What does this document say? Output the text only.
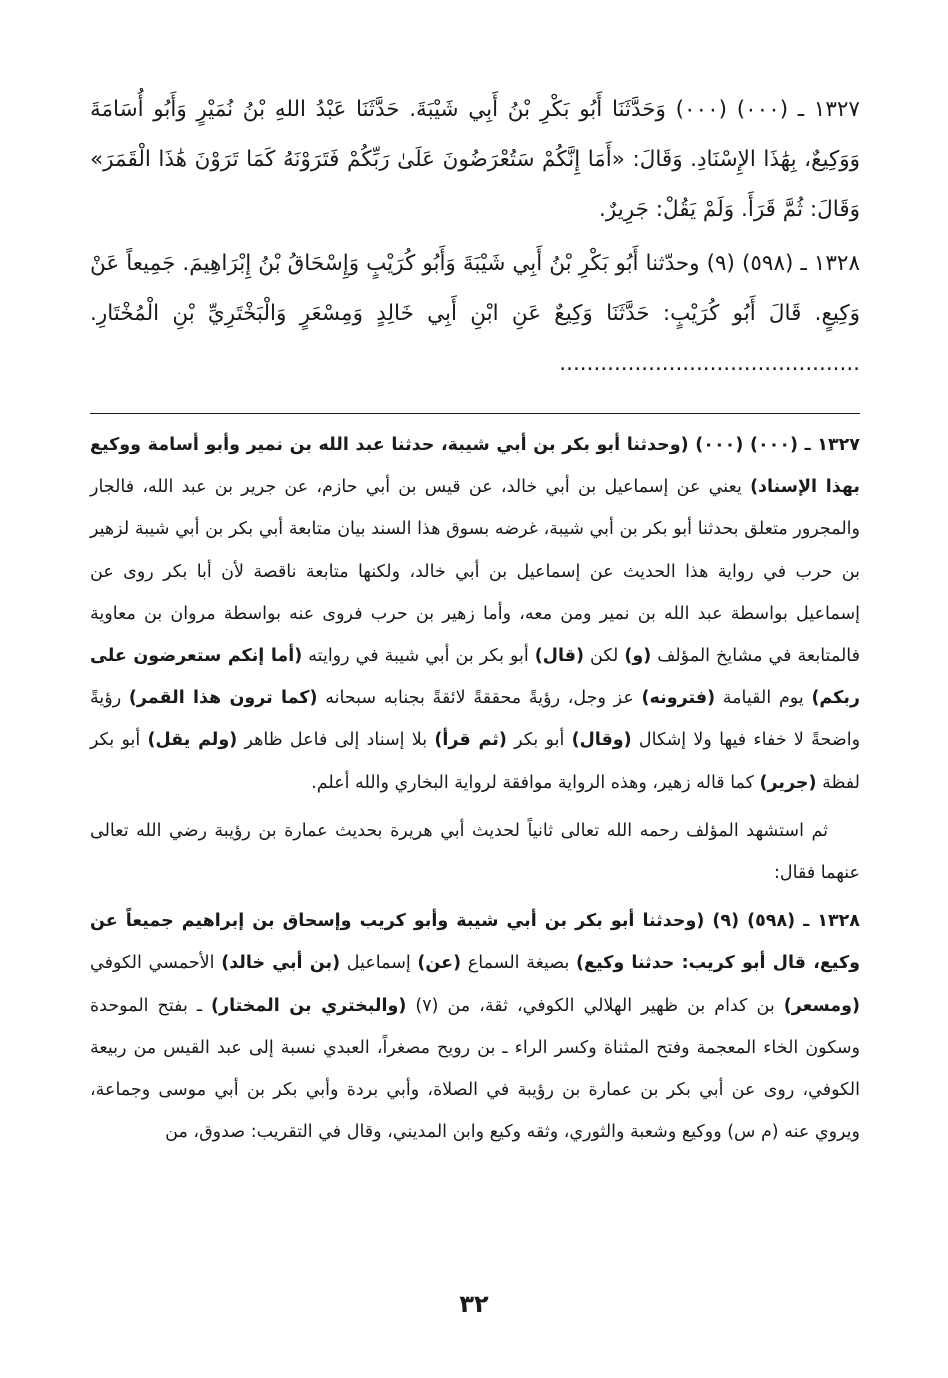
١٣٢٧ ـ (٠٠٠) (٠٠٠) وَحَدَّثَنَا أَبُو بَكْرِ بْنُ أَبِي شَيْبَةَ. حَدَّثَنَا عَبْدُ اللهِ بْنُ نُمَيْرٍ وَأَبُو أُسَامَةَ وَوَكِيعٌ، بِهَٰذَا الإِسْنَادِ. وَقَالَ: «أَمَا إِنَّكُمْ سَتُعْرَضُونَ عَلَىٰ رَبِّكُمْ فَتَرَوْنَهُ كَمَا تَرَوْنَ هَٰذَا الْقَمَرَ» وَقَالَ: ثُمَّ قَرَأَ. وَلَمْ يَقُلْ: جَرِيرٌ.

١٣٢٨ ـ (٥٩٨) (٩) وحدّثنا أَبُو بَكْرِ بْنُ أَبِي شَيْبَةَ وَأَبُو كُرَيْبٍ وَإِسْحَاقُ بْنُ إِبْرَاهِيمَ. جَمِيعاً عَنْ وَكِيعٍ. قَالَ أَبُو كُرَيْبٍ: حَدَّثَنَا وَكِيعٌ عَنِ ابْنِ أَبِي خَالِدٍ وَمِسْعَرٍ وَالْبَخْتَرِيِّ بْنِ الْمُخْتَارِ. ............................................

١٣٢٧ ـ (٠٠٠) (٠٠٠) (وحدثنا أبو بكر بن أبي شيبة، حدثنا عبد الله بن نمير وأبو أسامة ووكيع بهذا الإسناد) يعني عن إسماعيل بن أبي خالد، عن قيس بن أبي حازم، عن جرير بن عبد الله، فالجار والمجرور متعلق بحدثنا أبو بكر بن أبي شيبة، غرضه بسوق هذا السند بيان متابعة أبي بكر بن أبي شيبة لزهير بن حرب في رواية هذا الحديث عن إسماعيل بن أبي خالد، ولكنها متابعة ناقصة لأن أبا بكر روى عن إسماعيل بواسطة عبد الله بن نمير ومن معه، وأما زهير بن حرب فروى عنه بواسطة مروان بن معاوية فالمتابعة في مشايخ المؤلف (و) لكن (قال) أبو بكر بن أبي شيبة في روايته (أما إنكم ستعرضون على ربكم) يوم القيامة (فترونه) عز وجل، رؤيةً محققةً لائقةً بجنابه سبحانه (كما ترون هذا القمر) رؤيةً واضحةً لا خفاء فيها ولا إشكال (وقال) أبو بكر (ثم قرأ) بلا إسناد إلى فاعل ظاهر (ولم يقل) أبو بكر لفظة (جرير) كما قاله زهير، وهذه الرواية موافقة لرواية البخاري والله أعلم.

ثم استشهد المؤلف رحمه الله تعالى ثانياً لحديث أبي هريرة بحديث عمارة بن رؤيبة رضي الله تعالى عنهما فقال:

١٣٢٨ ـ (٥٩٨) (٩) (وحدثنا أبو بكر بن أبي شيبة وأبو كريب وإسحاق بن إبراهيم جميعاً عن وكيع، قال أبو كريب: حدثنا وكيع) بصيغة السماع (عن) إسماعيل (بن أبي خالد) الأحمسي الكوفي (ومسعر) بن كدام بن ظهير الهلالي الكوفي، ثقة، من (٧) (والبختري بن المختار) ـ بفتح الموحدة وسكون الخاء المعجمة وفتح المثناة وكسر الراء ـ بن رويح مصغراً، العبدي نسبة إلى عبد القيس من ربيعة الكوفي، روى عن أبي بكر بن عمارة بن رؤيبة في الصلاة، وأبي بردة وأبي بكر بن أبي موسى وجماعة، ويروي عنه (م س) ووكيع وشعبة والثوري، وثقه وكيع وابن المديني، وقال في التقريب: صدوق، من

٣٢
